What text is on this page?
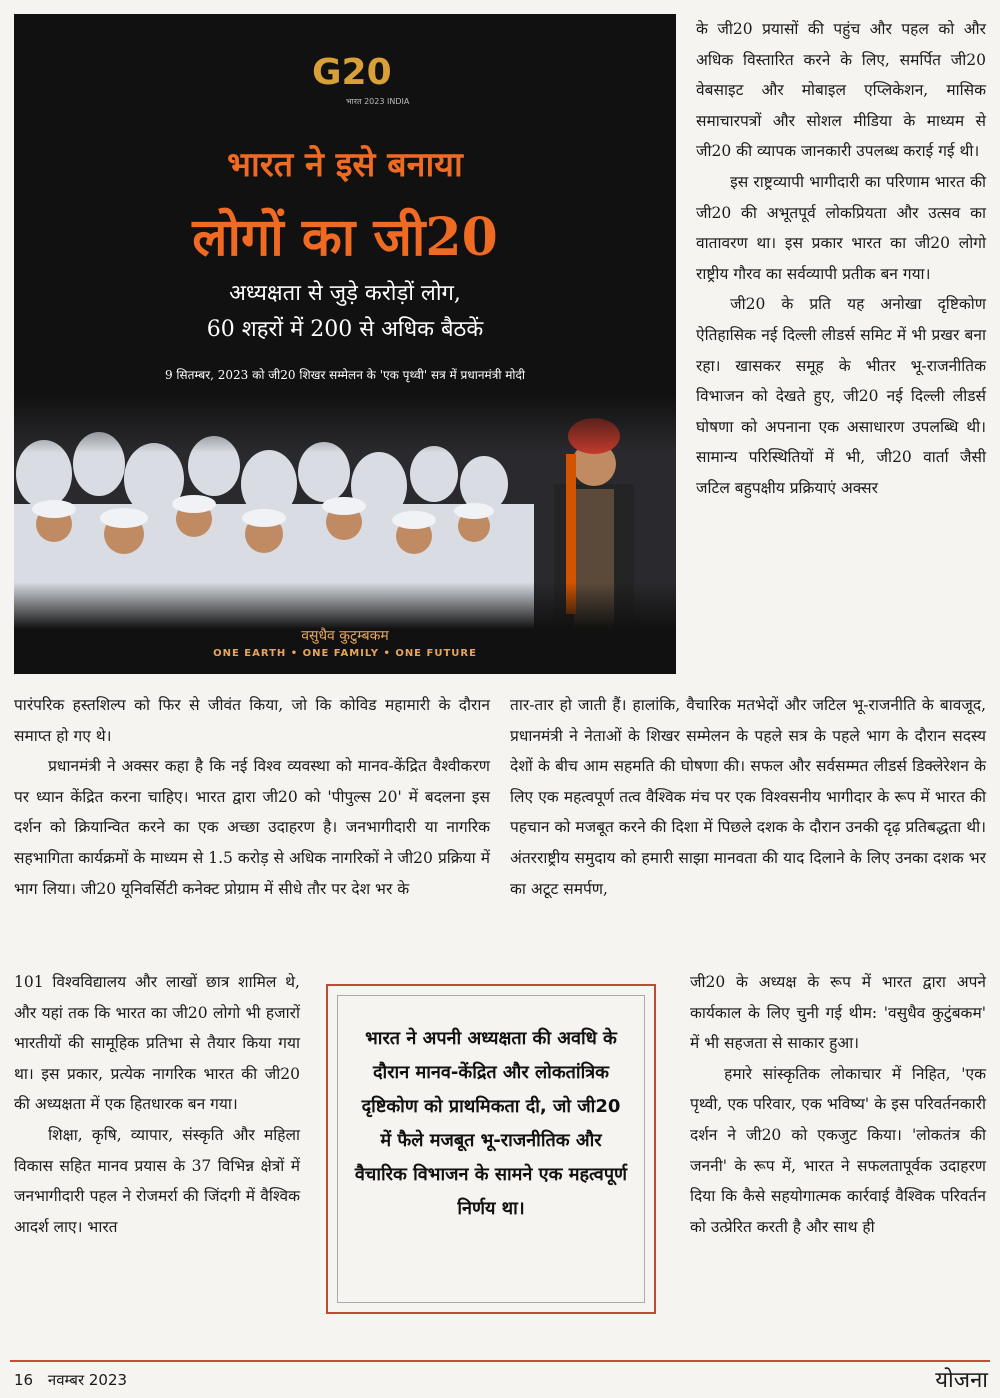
G20
भारत 2023 INDIA
भारत ने इसे बनाया
लोगों का जी20
अध्यक्षता से जुड़े करोड़ों लोग,
60 शहरों में 200 से अधिक बैठकें
9 सितम्बर, 2023 को जी20 शिखर सम्मेलन के 'एक पृथ्वी' सत्र में प्रधानमंत्री मोदी
वसुधैव कुटुम्बकम
ONE EARTH • ONE FAMILY • ONE FUTURE

के जी20 प्रयासों की पहुंच और पहल को और अधिक विस्तारित करने के लिए, समर्पित जी20 वेबसाइट और मोबाइल एप्लिकेशन, मासिक समाचारपत्रों और सोशल मीडिया के माध्यम से जी20 की व्यापक जानकारी उपलब्ध कराई गई थी।

इस राष्ट्रव्यापी भागीदारी का परिणाम भारत की जी20 की अभूतपूर्व लोकप्रियता और उत्सव का वातावरण था। इस प्रकार भारत का जी20 लोगो राष्ट्रीय गौरव का सर्वव्यापी प्रतीक बन गया।

जी20 के प्रति यह अनोखा दृष्टिकोण ऐतिहासिक नई दिल्ली लीडर्स समिट में भी प्रखर बना रहा। खासकर समूह के भीतर भू-राजनीतिक विभाजन को देखते हुए, जी20 नई दिल्ली लीडर्स घोषणा को अपनाना एक असाधारण उपलब्धि थी। सामान्य परिस्थितियों में भी, जी20 वार्ता जैसी जटिल बहुपक्षीय प्रक्रियाएं अक्सर

पारंपरिक हस्तशिल्प को फिर से जीवंत किया, जो कि कोविड महामारी के दौरान समाप्त हो गए थे।

प्रधानमंत्री ने अक्सर कहा है कि नई विश्व व्यवस्था को मानव-केंद्रित वैश्वीकरण पर ध्यान केंद्रित करना चाहिए। भारत द्वारा जी20 को 'पीपुल्स 20' में बदलना इस दर्शन को क्रियान्वित करने का एक अच्छा उदाहरण है। जनभागीदारी या नागरिक सहभागिता कार्यक्रमों के माध्यम से 1.5 करोड़ से अधिक नागरिकों ने जी20 प्रक्रिया में भाग लिया। जी20 यूनिवर्सिटी कनेक्ट प्रोग्राम में सीधे तौर पर देश भर के

101 विश्वविद्यालय और लाखों छात्र शामिल थे, और यहां तक कि भारत का जी20 लोगो भी हजारों भारतीयों की सामूहिक प्रतिभा से तैयार किया गया था। इस प्रकार, प्रत्येक नागरिक भारत की जी20 की अध्यक्षता में एक हितधारक बन गया।

शिक्षा, कृषि, व्यापार, संस्कृति और महिला विकास सहित मानव प्रयास के 37 विभिन्न क्षेत्रों में जनभागीदारी पहल ने रोजमर्रा की जिंदगी में वैश्विक आदर्श लाए। भारत

तार-तार हो जाती हैं। हालांकि, वैचारिक मतभेदों और जटिल भू-राजनीति के बावजूद, प्रधानमंत्री ने नेताओं के शिखर सम्मेलन के पहले सत्र के पहले भाग के दौरान सदस्य देशों के बीच आम सहमति की घोषणा की। सफल और सर्वसम्मत लीडर्स डिक्लेरेशन के लिए एक महत्वपूर्ण तत्व वैश्विक मंच पर एक विश्वसनीय भागीदार के रूप में भारत की पहचान को मजबूत करने की दिशा में पिछले दशक के दौरान उनकी दृढ़ प्रतिबद्धता थी। अंतरराष्ट्रीय समुदाय को हमारी साझा मानवता की याद दिलाने के लिए उनका दशक भर का अटूट समर्पण,

जी20 के अध्यक्ष के रूप में भारत द्वारा अपने कार्यकाल के लिए चुनी गई थीम: 'वसुधैव कुटुंबकम' में भी सहजता से साकार हुआ।

हमारे सांस्कृतिक लोकाचार में निहित, 'एक पृथ्वी, एक परिवार, एक भविष्य' के इस परिवर्तनकारी दर्शन ने जी20 को एकजुट किया। 'लोकतंत्र की जननी' के रूप में, भारत ने सफलतापूर्वक उदाहरण दिया कि कैसे सहयोगात्मक कार्रवाई वैश्विक परिवर्तन को उत्प्रेरित करती है और साथ ही

भारत ने अपनी अध्यक्षता की अवधि के दौरान मानव-केंद्रित और लोकतांत्रिक दृष्टिकोण को प्राथमिकता दी, जो जी20 में फैले मजबूत भू-राजनीतिक और वैचारिक विभाजन के सामने एक महत्वपूर्ण निर्णय था।
16 नवम्बर 2023	योजना
